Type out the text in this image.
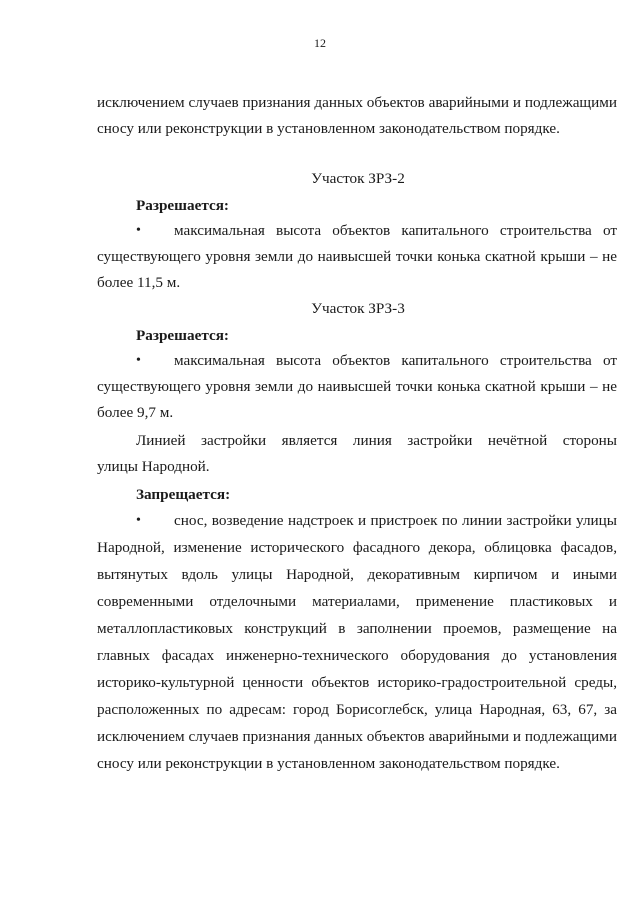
12
исключением случаев признания данных объектов аварийными и подлежащими
сносу или реконструкции в установленном законодательством порядке.
Участок ЗРЗ-2
Разрешается:
• максимальная высота объектов капитального строительства от
существующего уровня земли до наивысшей точки конька скатной крыши – не
более 11,5 м.
Участок ЗРЗ-3
Разрешается:
• максимальная высота объектов капитального строительства от
существующего уровня земли до наивысшей точки конька скатной крыши – не
более 9,7 м.
Линией застройки является линия застройки нечётной стороны
улицы Народной.
Запрещается:
• снос, возведение надстроек и пристроек по линии застройки улицы
Народной, изменение исторического фасадного декора, облицовка фасадов,
вытянутых вдоль улицы Народной, декоративным кирпичом и иными
современными отделочными материалами, применение пластиковых и
металлопластиковых конструкций в заполнении проемов, размещение на
главных фасадах инженерно-технического оборудования до установления
историко-культурной ценности объектов историко-градостроительной среды,
расположенных по адресам: город Борисоглебск, улица Народная, 63, 67, за
исключением случаев признания данных объектов аварийными и подлежащими
сносу или реконструкции в установленном законодательством порядке.
